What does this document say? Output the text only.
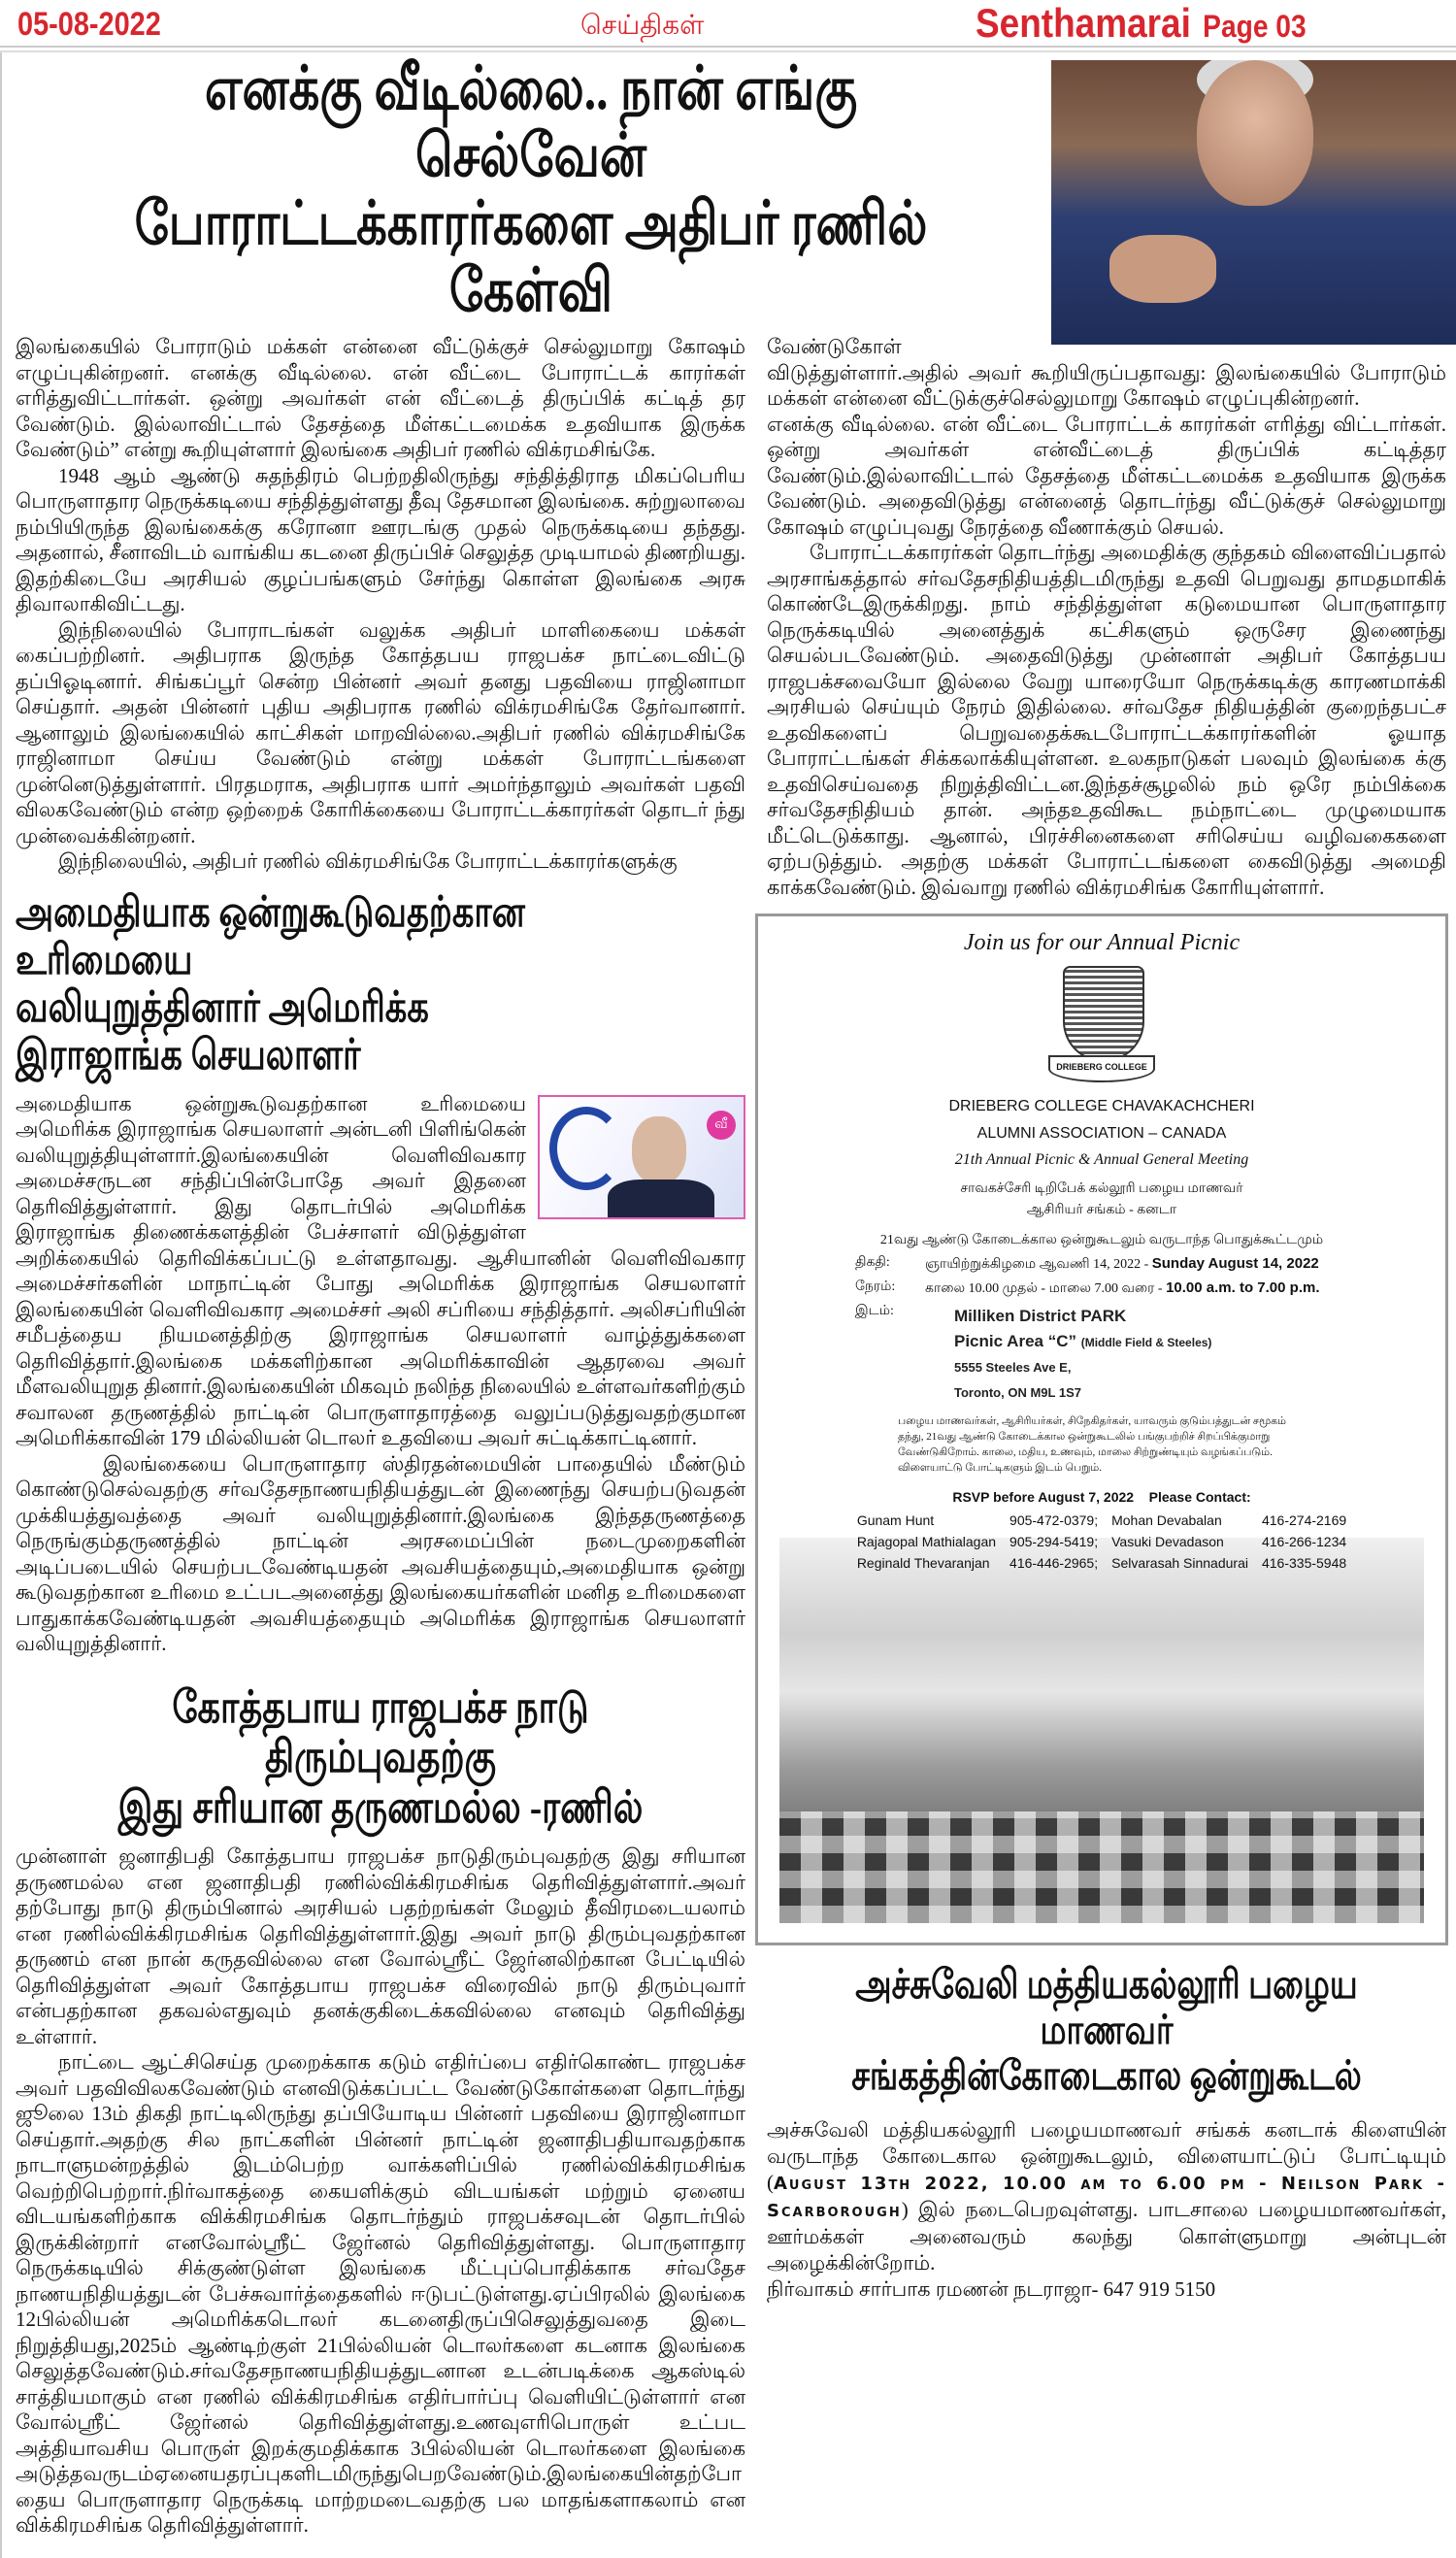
05-08-2022	செய்திகள்	Senthamarai Page 03
எனக்கு வீடில்லை.. நான் எங்கு செல்வேன்
போராட்டக்காரர்களை அதிபர் ரணில் கேள்வி

இலங்கையில் போராடும் மக்கள் என்னை வீட்டுக்குச் செல்லுமாறு கோஷம் எழுப்புகின்றனர். எனக்கு வீடில்லை. என் வீட்டை போராட்டக் காரர்கள் எரித்துவிட்டார்கள். ஒன்று அவர்கள் என் வீட்டைத் திருப்பிக் கட்டித் தர வேண்டும். இல்லாவிட்டால் தேசத்தை மீள்கட்டமைக்க உதவியாக இருக்க வேண்டும்” என்று கூறியுள்ளார் இலங்கை அதிபர் ரணில் விக்ரமசிங்கே.

1948 ஆம் ஆண்டு சுதந்திரம் பெற்றதிலிருந்து சந்தித்திராத மிகப்பெரிய பொருளாதார நெருக்கடியை சந்தித்துள்ளது தீவு தேசமான இலங்கை. சுற்றுலாவை நம்பியிருந்த இலங்கைக்கு கரோனா ஊரடங்கு முதல் நெருக்கடியை தந்தது. அதனால், சீனாவிடம் வாங்கிய கடனை திருப்பிச் செலுத்த முடியாமல் திணறியது. இதற்கிடையே அரசியல் குழப்பங்களும் சேர்ந்து கொள்ள இலங்கை அரசு திவாலாகிவிட்டது.

இந்நிலையில் போராடங்கள் வலுக்க அதிபர் மாளிகையை மக்கள் கைப்பற்றினர். அதிபராக இருந்த கோத்தபய ராஜபக்ச நாட்டைவிட்டு தப்பிஓடினார். சிங்கப்பூர் சென்ற பின்னர் அவர் தனது பதவியை ராஜினாமா செய்தார். அதன் பின்னர் புதிய அதிபராக ரணில் விக்ரமசிங்கே தேர்வானார். ஆனாலும் இலங்கையில் காட்சிகள் மாறவில்லை.அதிபர் ரணில் விக்ரமசிங்கே ராஜினாமா செய்ய வேண்டும் என்று மக்கள் போராட்டங்களை முன்னெடுத்துள்ளார். பிரதமராக, அதிபராக யார் அமர்ந்தாலும் அவர்கள் பதவி விலகவேண்டும் என்ற ஒற்றைக் கோரிக்கையை போராட்டக்காரர்கள் தொடர் ந்து முன்வைக்கின்றனர்.

இந்நிலையில், அதிபர் ரணில் விக்ரமசிங்கே போராட்டக்காரர்களுக்கு

அமைதியாக ஒன்றுகூடுவதற்கான உரிமையை
வலியுறுத்தினார் அமெரிக்க இராஜாங்க செயலாளர்
வீ

அமைதியாக ஒன்றுகூடுவதற்கான உரிமையை அமெரிக்க இராஜாங்க செயலாளர் அன்டனி பிளிங்கென் வலியுறுத்தியுள்ளார்.இலங்கையின் வெளிவிவகார அமைச்சருடன சந்திப்பின்போதே அவர் இதனை தெரிவித்துள்ளார். இது தொடர்பில் அமெரிக்க இராஜாங்க திணைக்களத்தின் பேச்சாளர் விடுத்துள்ள அறிக்கையில் தெரிவிக்கப்பட்டு உள்ளதாவது. ஆசியானின் வெளிவிவகார அமைச்சர்களின் மாநாட்டின் போது அமெரிக்க இராஜாங்க செயலாளர் இலங்கையின் வெளிவிவகார அமைச்சர் அலி சப்ரியை சந்தித்தார். அலிசப்ரியின் சமீபத்தைய நியமனத்திற்கு இராஜாங்க செயலாளர் வாழ்த்துக்களை தெரிவித்தார்.இலங்கை மக்களிற்கான அமெரிக்காவின் ஆதரவை அவர் மீளவலியுறுத தினார்.இலங்கையின் மிகவும் நலிந்த நிலையில் உள்ளவர்களிற்கும் சவாலன தருணத்தில் நாட்டின் பொருளாதாரத்தை வலுப்படுத்துவதற்குமான அமெரிக்காவின் 179 மில்லியன் டொலர் உதவியை அவர் சுட்டிக்காட்டினார்.

இலங்கையை பொருளாதார ஸ்திரதன்மையின் பாதையில் மீண்டும் கொண்டுசெல்வதற்கு சர்வதேசநாணயநிதியத்துடன் இணைந்து செயற்படுவதன் முக்கியத்துவத்தை அவர் வலியுறுத்தினார்.இலங்கை இந்ததருணத்தை நெருங்கும்தருணத்தில் நாட்டின் அரசமைப்பின் நடைமுறைகளின் அடிப்படையில் செயற்படவேண்டியதன் அவசியத்தையும்,அமைதியாக ஒன்று கூடுவதற்கான உரிமை உட்படஅனைத்து இலங்கையர்களின் மனித உரிமைகளை பாதுகாக்கவேண்டியதன் அவசியத்தையும் அமெரிக்க இராஜாங்க செயலாளர் வலியுறுத்தினார்.

கோத்தபாய ராஜபக்ச நாடு திரும்புவதற்கு
இது சரியான தருணமல்ல -ரணில்

முன்னாள் ஜனாதிபதி கோத்தபாய ராஜபக்ச நாடுதிரும்புவதற்கு இது சரியான தருணமல்ல என ஜனாதிபதி ரணில்விக்கிரமசிங்க தெரிவித்துள்ளார்.அவர் தற்போது நாடு திரும்பினால் அரசியல் பதற்றங்கள் மேலும் தீவிரமடையலாம் என ரணில்விக்கிரமசிங்க தெரிவித்துள்ளார்.இது அவர் நாடு திரும்புவதற்கான தருணம் என நான் கருதவில்லை என வோல்ஸ்ரீட் ஜேர்னலிற்கான பேட்டியில் தெரிவித்துள்ள அவர் கோத்தபாய ராஜபக்ச விரைவில் நாடு திரும்புவார் என்பதற்கான தகவல்எதுவும் தனக்குகிடைக்கவில்லை எனவும் தெரிவித்து உள்ளார்.

நாட்டை ஆட்சிசெய்த முறைக்காக கடும் எதிர்ப்பை எதிர்கொண்ட ராஜபக்ச அவர் பதவிவிலகவேண்டும் எனவிடுக்கப்பட்ட வேண்டுகோள்களை தொடர்ந்து ஜூலை 13ம் திகதி நாட்டிலிருந்து தப்பியோடிய பின்னர் பதவியை இராஜினாமா செய்தார்.அதற்கு சில நாட்களின் பின்னர் நாட்டின் ஜனாதிபதியாவதற்காக நாடாளுமன்றத்தில் இடம்பெற்ற வாக்களிப்பில் ரணில்விக்கிரமசிங்க வெற்றிபெற்றார்.நிர்வாகத்தை கையளிக்கும் விடயங்கள் மற்றும் ஏனைய விடயங்களிற்காக விக்கிரமசிங்க தொடர்ந்தும் ராஜபக்சவுடன் தொடர்பில் இருக்கின்றார் எனவோல்ஸ்ரீட் ஜேர்னல் தெரிவித்துள்ளது. பொருளாதார நெருக்கடியில் சிக்குண்டுள்ள இலங்கை மீட்புப்பொதிக்காக சர்வதேச நாணயநிதியத்துடன் பேச்சுவார்த்தைகளில் ஈடுபட்டுள்ளது.ஏப்பிரலில் இலங்கை 12பில்லியன் அமெரிக்கடொலர் கடனைதிருப்பிசெலுத்துவதை இடை நிறுத்தியது,2025ம் ஆண்டிற்குள் 21பில்லியன் டொலர்களை கடனாக இலங்கை செலுத்தவேண்டும்.சர்வதேசநாணயநிதியத்துடனான உடன்படிக்கை ஆகஸ்டில் சாத்தியமாகும் என ரணில் விக்கிரமசிங்க எதிர்பார்ப்பு வெளியிட்டுள்ளார் என வோல்ஸ்ரீட் ஜேர்னல் தெரிவித்துள்ளது.உணவுஎரிபொருள் உட்பட அத்தியாவசிய பொருள் இறக்குமதிக்காக 3பில்லியன் டொலர்களை இலங்கை அடுத்தவருடம்ஏனையதரப்புகளிடமிருந்துபெறவேண்டும்.இலங்கையின்தற்போ தைய பொருளாதார நெருக்கடி மாற்றமடைவதற்கு பல மாதங்களாகலாம் என விக்கிரமசிங்க தெரிவித்துள்ளார்.

வேண்டுகோள் விடுத்துள்ளார்.அதில் அவர் கூறியிருப்பதாவது: இலங்கையில் போராடும் மக்கள் என்னை வீட்டுக்குச்செல்லுமாறு கோஷம் எழுப்புகின்றனர்.

எனக்கு வீடில்லை. என் வீட்டை போராட்டக் காரர்கள் எரித்து விட்டார்கள். ஒன்று அவர்கள் என்வீட்டைத் திருப்பிக் கட்டித்தர வேண்டும்.இல்லாவிட்டால் தேசத்தை மீள்கட்டமைக்க உதவியாக இருக்க வேண்டும். அதைவிடுத்து என்னைத் தொடர்ந்து வீட்டுக்குச் செல்லுமாறு கோஷம் எழுப்புவது நேரத்தை வீணாக்கும் செயல்.

போராட்டக்காரர்கள் தொடர்ந்து அமைதிக்கு குந்தகம் விளைவிப்பதால் அரசாங்கத்தால் சர்வதேசநிதியத்திடமிருந்து உதவி பெறுவது தாமதமாகிக் கொண்டேஇருக்கிறது. நாம் சந்தித்துள்ள கடுமையான பொருளாதார நெருக்கடியில் அனைத்துக் கட்சிகளும் ஒருசேர இணைந்து செயல்படவேண்டும். அதைவிடுத்து முன்னாள் அதிபர் கோத்தபய ராஜபக்சவையோ இல்லை வேறு யாரையோ நெருக்கடிக்கு காரணமாக்கி அரசியல் செய்யும் நேரம் இதில்லை. சர்வதேச நிதியத்தின் குறைந்தபட்ச உதவிகளைப் பெறுவதைக்கூடபோராட்டக்காரர்களின் ஓயாத போராட்டங்கள் சிக்கலாக்கியுள்ளன. உலகநாடுகள் பலவும் இலங்கை க்கு உதவிசெய்வதை நிறுத்திவிட்டன.இந்தச்சூழலில் நம் ஒரே நம்பிக்கை சர்வதேசநிதியம் தான். அந்தஉதவிகூட நம்நாட்டை முழுமையாக மீட்டெடுக்காது. ஆனால், பிரச்சினைகளை சரிசெய்ய வழிவகைகளை ஏற்படுத்தும். அதற்கு மக்கள் போராட்டங்களை கைவிடுத்து அமைதி காக்கவேண்டும். இவ்வாறு ரணில் விக்ரமசிங்க கோரியுள்ளார்.

Join us for our Annual Picnic
DRIEBERG COLLEGE
DRIEBERG COLLEGE CHAVAKACHCHERI
ALUMNI ASSOCIATION – CANADA
21th Annual Picnic & Annual General Meeting
சாவகச்சேரி டிறிபேக் கல்லூரி பழைய மாணவர்
ஆசிரியர் சங்கம் - கனடா
21வது ஆண்டு கோடைக்கால ஒன்றுகூடலும் வருடாந்த பொதுக்கூட்டமும்
திகதி:	ஞாயிற்றுக்கிழமை ஆவணி 14, 2022 - Sunday August 14, 2022
நேரம்:	காலை 10.00 முதல் - மாலை 7.00 வரை - 10.00 a.m. to 7.00 p.m.
இடம்:	Milliken District PARK
Picnic Area “C” (Middle Field & Steeles)
5555 Steeles Ave E,
Toronto, ON M9L 1S7
பழைய மாணவர்கள், ஆசிரியர்கள், சிநேகிதர்கள், யாவரும் குடும்பத்துடன் சமூகம் தந்து, 21வது ஆண்டு கோடைக்கால ஒன்றுகூடலில் பங்குபற்றிச் சிறப்பிக்குமாறு வேண்டுகிறோம். காலை, மதிய, உணவும், மாலை சிற்றுண்டியும் வழங்கப்படும். விளையாட்டு போட்டிகளும் இடம் பெறும்.
RSVP before August 7, 2022    Please Contact:
Gunam Hunt	905-472-0379; Mohan Devabalan	416-274-2169
Rajagopal Mathialagan 905-294-5419; Vasuki Devadason	416-266-1234
Reginald Thevaranjan	416-446-2965; Selvarasah Sinnadurai 416-335-5948
அச்சுவேலி மத்தியகல்லூரி பழைய மாணவர்
சங்கத்தின்கோடைகால ஒன்றுகூடல்

அச்சுவேலி மத்தியகல்லூரி பழையமாணவர் சங்கக் கனடாக் கிளையின் வருடாந்த கோடைகால ஒன்றுகூடலும், விளையாட்டுப் போட்டியும் (August 13th 2022, 10.00 am to 6.00 pm - Neilson Park - Scarborough) இல் நடைபெறவுள்ளது. பாடசாலை பழையமாணவர்கள், ஊர்மக்கள் அனைவரும் கலந்து கொள்ளுமாறு அன்புடன் அழைக்கின்றோம்.

நிர்வாகம் சார்பாக ரமணன் நடராஜா- 647 919 5150
